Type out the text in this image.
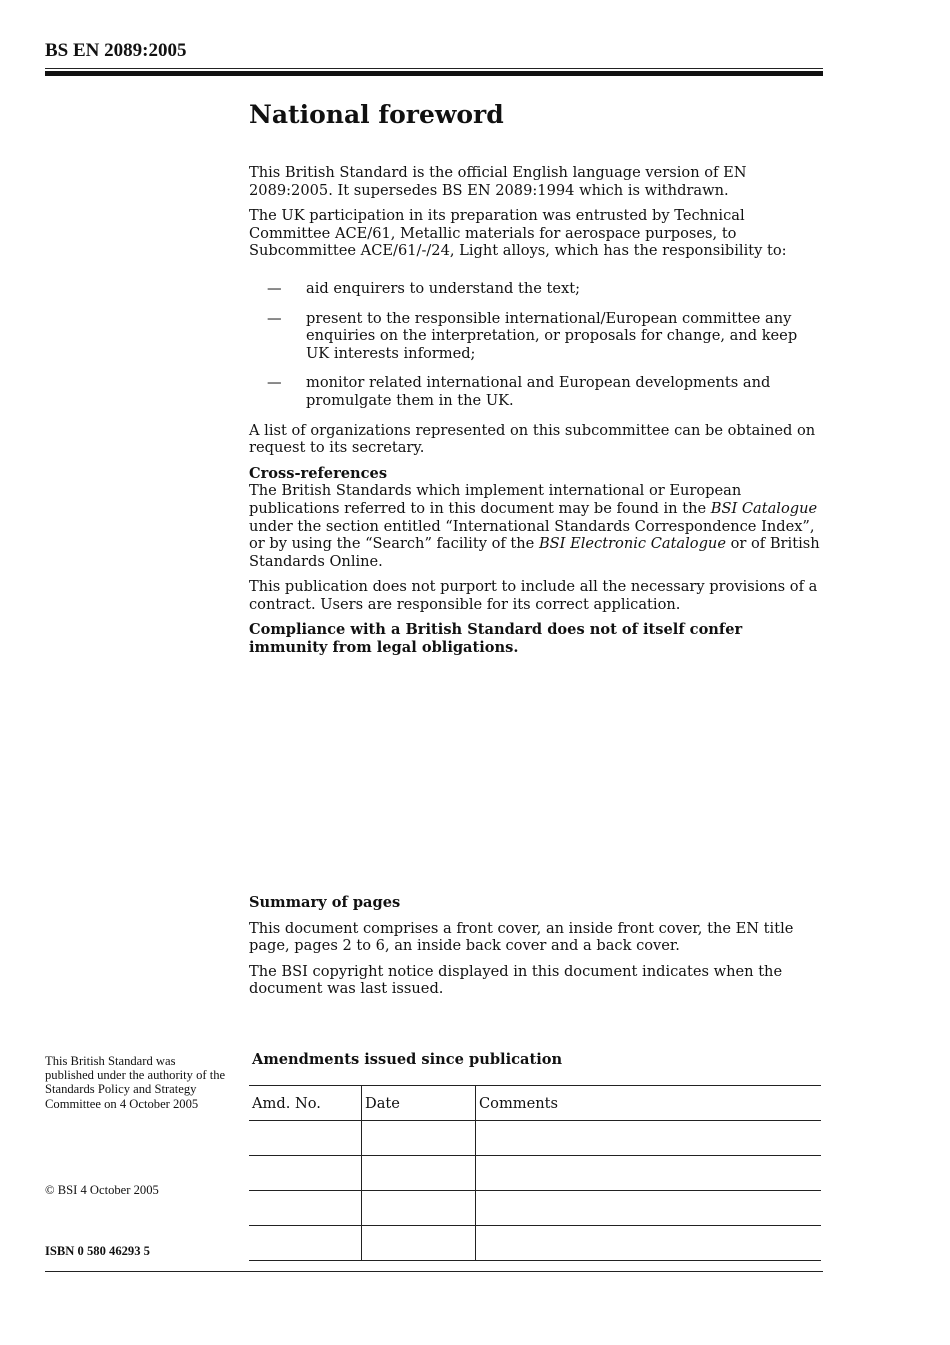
BS EN 2089:2005
National foreword

This British Standard is the official English language version of EN 2089:2005. It supersedes BS EN 2089:1994 which is withdrawn.

The UK participation in its preparation was entrusted by Technical Committee ACE/61, Metallic materials for aerospace purposes, to Subcommittee ACE/61/-/24, Light alloys, which has the responsibility to:

— aid enquirers to understand the text;
— present to the responsible international/European committee any enquiries on the interpretation, or proposals for change, and keep UK interests informed;
— monitor related international and European developments and promulgate them in the UK.

A list of organizations represented on this subcommittee can be obtained on request to its secretary.

Cross-references

The British Standards which implement international or European publications referred to in this document may be found in the BSI Catalogue under the section entitled “International Standards Correspondence Index”, or by using the “Search” facility of the BSI Electronic Catalogue or of British Standards Online.

This publication does not purport to include all the necessary provisions of a contract. Users are responsible for its correct application.

Compliance with a British Standard does not of itself confer immunity from legal obligations.

Summary of pages

This document comprises a front cover, an inside front cover, the EN title page, pages 2 to 6, an inside back cover and a back cover.

The BSI copyright notice displayed in this document indicates when the document was last issued.

This British Standard was published under the authority of the Standards Policy and Strategy Committee on 4 October 2005
© BSI 4 October 2005
ISBN 0 580 46293 5
Amendments issued since publication
Amd. No.	Date	Comments
